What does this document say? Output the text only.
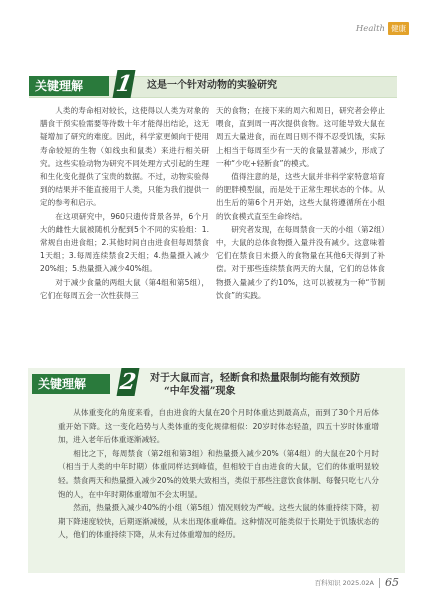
Health 健康
关键理解	1 这是一个针对动物的实验研究

人类的寿命相对较长，这使得以人类为对象的膳食干预实验需要等待数十年才能得出结论，这无疑增加了研究的难度。因此，科学家更倾向于使用寿命较短的生物（如线虫和鼠类）来进行相关研究。这些实验动物为研究不同处理方式引起的生理和生化变化提供了宝贵的数据。不过，动物实验得到的结果并不能直接用于人类，只能为我们提供一定的参考和启示。

在这项研究中，960只遗传背景各异，6个月大的雌性大鼠被随机分配到5个不同的实验组：1.常规自由进食组；2.其他时间自由进食但每周禁食1天组；3.每周连续禁食2天组；4.热量摄入减少20%组；5.热量摄入减少40%组。

对于减少食量的两组大鼠（第4组和第5组），它们在每周五会一次性获得三

天的食物；在接下来的周六和周日，研究者会停止喂食，直到周一再次提供食物。这可能导致大鼠在周五大量进食，而在周日则不得不忍受饥饿，实际上相当于每周至少有一天的食量显著减少，形成了一种“少吃+轻断食”的模式。

值得注意的是，这些大鼠并非科学家特意培育的肥胖模型鼠，而是处于正常生理状态的个体。从出生后的第6个月开始，这些大鼠将遵循所在小组的饮食模式直至生命终结。

研究者发现，在每周禁食一天的小组（第2组）中，大鼠的总体食物摄入量并没有减少。这意味着它们在禁食日未摄入的食物量在其他6天得到了补偿。对于那些连续禁食两天的大鼠，它们的总体食物摄入量减少了约10%，这可以被视为一种“节制饮食”的实践。

关键理解	2 对于大鼠而言，轻断食和热量限制均能有效预防
“中年发福”现象

从体重变化的角度来看，自由进食的大鼠在20个月时体重达到最高点，而到了30个月后体重开始下降。这一变化趋势与人类体重的变化规律相似：20岁时体态轻盈，四五十岁时体重增加，进入老年后体重逐渐减轻。

相比之下，每周禁食（第2组和第3组）和热量摄入减少20%（第4组）的大鼠在20个月时（相当于人类的中年时期）体重同样达到峰值，但相较于自由进食的大鼠，它们的体重明显较轻。禁食两天和热量摄入减少20%的效果大致相当，类似于那些注意饮食体制、每餐只吃七八分饱的人，在中年时期体重增加不会太明显。

然而，热量摄入减少40%的小组（第5组）情况则较为严峻。这些大鼠的体重持续下降，初期下降速度较快，后期逐渐减缓，从未出现体重峰值。这种情况可能类似于长期处于饥饿状态的人，他们的体重持续下降，从未有过体重增加的经历。

百科知识 2025.02A 65
